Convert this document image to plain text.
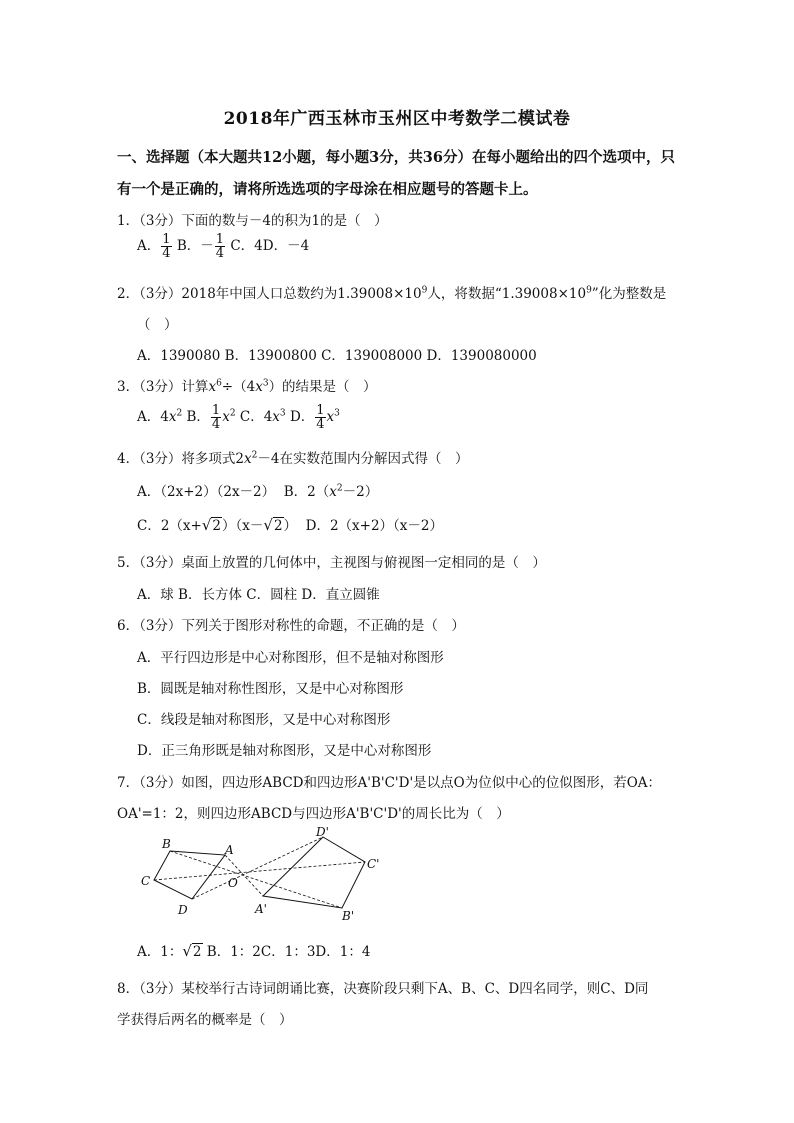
2018年广西玉林市玉州区中考数学二模试卷
一、选择题（本大题共12小题，每小题3分，共36分）在每小题给出的四个选项中，只
有一个是正确的，请将所选选项的字母涂在相应题号的答题卡上。
1．（3分）下面的数与－4的积为1的是（　）
A． $\frac{1}{4}$ B．－ $\frac{1}{4}$ C．4D．－4
2．（3分）2018年中国人口总数约为$1.39008\times 10^9$人，将数据“$1.39008\times 10^9$”化为整数是
（　）
A．1390080 B．13900800 C．139008000 D．1390080000
3．（3分）计算$x^6\div(4x^3)$的结果是（　）
A．$4x^2$ B． $\frac{1}{4} x^2$ C．$4x^3$ D． $\frac{1}{4} x^3$
4．（3分）将多项式$2x^2-4$在实数范围内分解因式得（　）
A．（2x+2）（2x－2） B．$2(x^2-2)$
C．2（x+√2）（x－√2） D．2（x+2）（x－2）
5．（3分）桌面上放置的几何体中，主视图与俯视图一定相同的是（　）
A．球 B．长方体 C．圆柱 D．直立圆锥
6．（3分）下列关于图形对称性的命题，不正确的是（　）
A．平行四边形是中心对称图形，但不是轴对称图形
B．圆既是轴对称性图形，又是中心对称图形
C．线段是轴对称图形，又是中心对称图形
D．正三角形既是轴对称图形，又是中心对称图形
7．（3分）如图，四边形ABCD和四边形A'B'C'D'是以点O为位似中心的位似图形，若OA：
OA'=1：2，则四边形ABCD与四边形A'B'C'D'的周长比为（　）
B	A
C
D
O
D'
C'
B'
A'
A．1：√2 B．1：2C．1：3D．1：4
8．（3分）某校举行古诗词朗诵比赛，决赛阶段只剩下A、B、C、D四名同学，则C、D同
学获得后两名的概率是（　）
